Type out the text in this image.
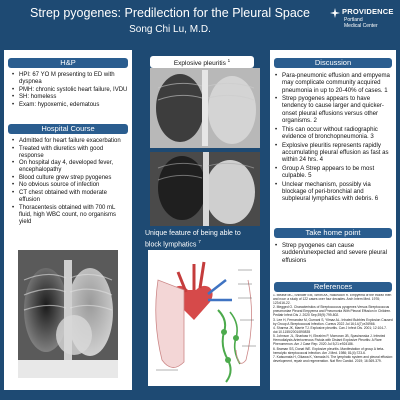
Strep pyogenes: Predilection for the Pleural Space
Song Chi Lu, M.D.
PROVIDENCE
Portland
Medical Center
H&P
• HPI: 67 YO M presenting to ED with dyspnea
• PMH: chronic systolic heart failure, IVDU
• SH: homeless
• Exam: hypoxemic, edematous
Hospital Course
• Admitted for heart failure exacerbation
• Treated with diuretics with good response
• On hospital day 4, developed fever, encephalopathy
• Blood culture grew strep pyogenes
• No obvious source of infection
• CT chest obtained with moderate effusion
• Thoracentesis obtained with 700 mL fluid, high WBC count, no organisms yield
Explosive pleuritis $^1$
Unique feature of being able to block lymphatics $^7$
Discussion
• Para-pneumonic effusion and empyema may complicate community acquired pneumonia in up to 20-40% of cases. 1
• Strep pyogenes appears to have tendency to cause larger and quicker-onset pleural effusions versus other organisms. 2
• This can occur without radiographic evidence of bronchopneumonia. 3
• Explosive pleuritis represents rapidly accumulating pleural effusion as fast as within 24 hrs. 4
• Group A Strep appears to be most culpable. 5
• Unclear mechanism, possibly via blockage of peri-bronchial and subpleural lymphatics with debris. 6
Take home point
• Strep pyogenes can cause sudden/unexpected and severe pleural effusions
References
1. Mease MC, Shindler EM, Smith AK, Rakovcich R. Empyema of the thorax then and now: a study of 122 cases over four decades. Arch Intern Med. 1976; 123:616-22.
2. Megged O. Characteristics of Streptococcus pyogenes Versus Streptococcus pneumoniae Pleural Empyema and Pneumonia With Pleural Effusion in Children. Pediatr Infect Dis J. 2020 Sep;39(9):799-802.
3. Lee H, Fernandez M, Gurnani S, Yilmaz AL. Inhaled Bubbles Explosion Caused by Group A Streptococcal Infection. Cureus 2022 Jul 16;14(7):e26966.
4. Sharma JK, Marrie TJ. Explosive pleuritis. Can J Infect Dis. 2001; 12:104-7. doi:10.1155/2001/890835
5. Johnson JL, Sharkaw H, Ebrahim P, Mcmoran JB, Spasinovska J. Infected Hemodialysis Arteriovenous Fistula with Distant Explosive Pleuritis: A Rare Phenomenon. Am J Case Rep. 2020 Jul 5;21:e924186.
6. Braman SS, Donat WE. Explosive pleuritis. Manifestation of group A beta-hemolytic streptococcal infection. Am J Med. 1986; 81(4):723-6.
7. Katsumata H, Oikawa K, Yamada N. The lymphatic system and pleural effusion: development, repair and regeneration. Nat Rev Cardiol. 2019; 16:369-379.
